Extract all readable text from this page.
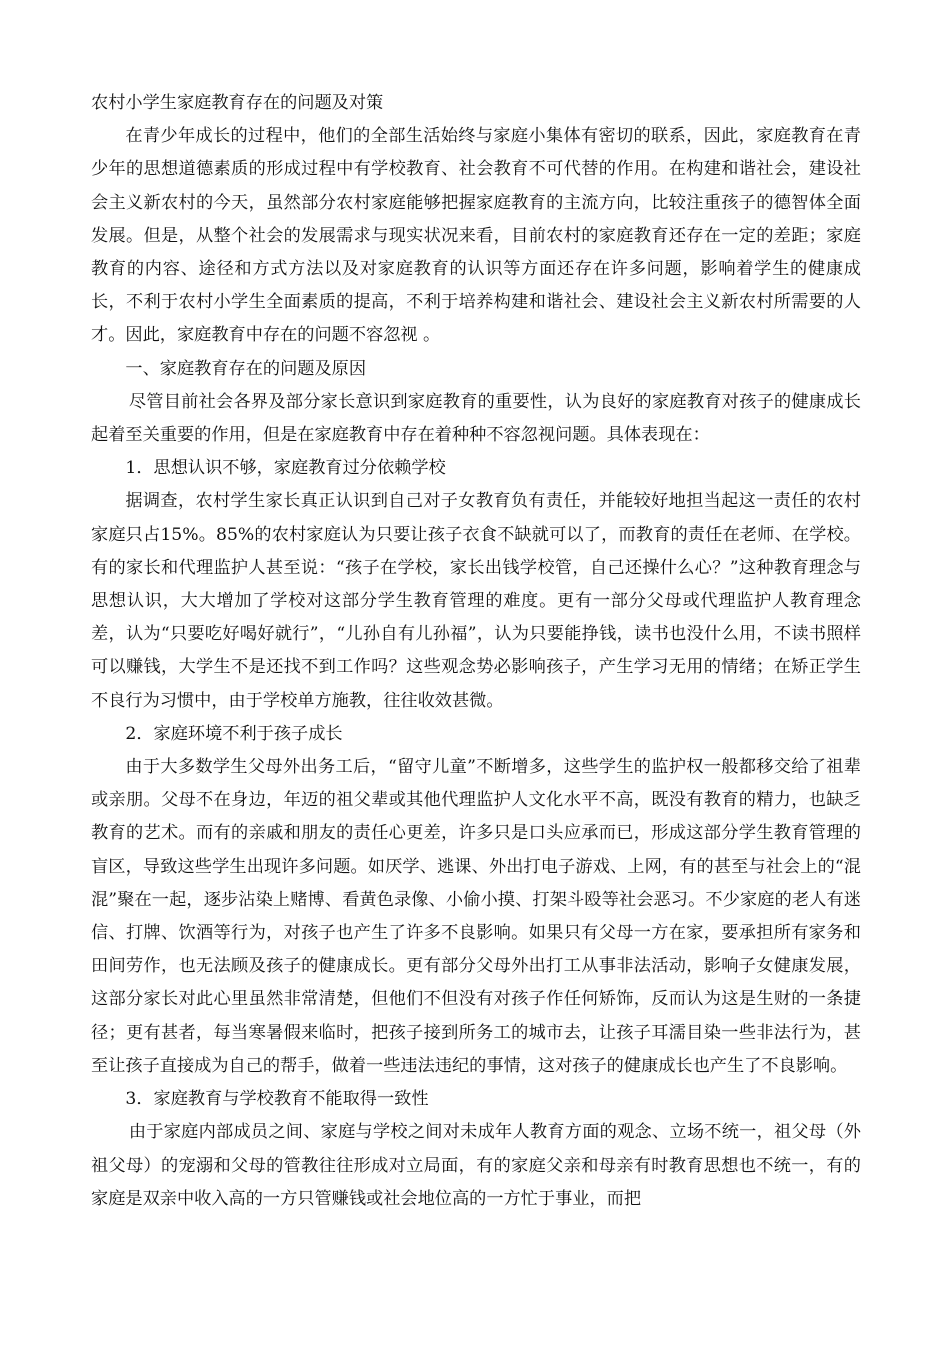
农村小学生家庭教育存在的问题及对策

在青少年成长的过程中，他们的全部生活始终与家庭小集体有密切的联系，因此，家庭教育在青少年的思想道德素质的形成过程中有学校教育、社会教育不可代替的作用。在构建和谐社会，建设社会主义新农村的今天，虽然部分农村家庭能够把握家庭教育的主流方向，比较注重孩子的德智体全面发展。但是，从整个社会的发展需求与现实状况来看，目前农村的家庭教育还存在一定的差距；家庭教育的内容、途径和方式方法以及对家庭教育的认识等方面还存在许多问题，影响着学生的健康成长，不利于农村小学生全面素质的提高，不利于培养构建和谐社会、建设社会主义新农村所需要的人才。因此，家庭教育中存在的问题不容忽视 。

一、家庭教育存在的问题及原因

尽管目前社会各界及部分家长意识到家庭教育的重要性，认为良好的家庭教育对孩子的健康成长起着至关重要的作用，但是在家庭教育中存在着种种不容忽视问题。具体表现在：

1．思想认识不够，家庭教育过分依赖学校

据调查，农村学生家长真正认识到自己对子女教育负有责任，并能较好地担当起这一责任的农村家庭只占15%。85%的农村家庭认为只要让孩子衣食不缺就可以了，而教育的责任在老师、在学校。有的家长和代理监护人甚至说：“孩子在学校，家长出钱学校管，自己还操什么心？”这种教育理念与思想认识，大大增加了学校对这部分学生教育管理的难度。更有一部分父母或代理监护人教育理念差，认为“只要吃好喝好就行”，“儿孙自有儿孙福”，认为只要能挣钱，读书也没什么用，不读书照样可以赚钱，大学生不是还找不到工作吗？这些观念势必影响孩子，产生学习无用的情绪；在矫正学生不良行为习惯中，由于学校单方施教，往往收效甚微。

2．家庭环境不利于孩子成长

由于大多数学生父母外出务工后，“留守儿童”不断增多，这些学生的监护权一般都移交给了祖辈或亲朋。父母不在身边，年迈的祖父辈或其他代理监护人文化水平不高，既没有教育的精力，也缺乏教育的艺术。而有的亲戚和朋友的责任心更差，许多只是口头应承而已，形成这部分学生教育管理的盲区，导致这些学生出现许多问题。如厌学、逃课、外出打电子游戏、上网，有的甚至与社会上的“混混”聚在一起，逐步沾染上赌博、看黄色录像、小偷小摸、打架斗殴等社会恶习。不少家庭的老人有迷信、打牌、饮酒等行为，对孩子也产生了许多不良影响。如果只有父母一方在家，要承担所有家务和田间劳作，也无法顾及孩子的健康成长。更有部分父母外出打工从事非法活动，影响子女健康发展，这部分家长对此心里虽然非常清楚，但他们不但没有对孩子作任何矫饰，反而认为这是生财的一条捷径；更有甚者，每当寒暑假来临时，把孩子接到所务工的城市去，让孩子耳濡目染一些非法行为，甚至让孩子直接成为自己的帮手，做着一些违法违纪的事情，这对孩子的健康成长也产生了不良影响。

3．家庭教育与学校教育不能取得一致性

由于家庭内部成员之间、家庭与学校之间对未成年人教育方面的观念、立场不统一，祖父母（外祖父母）的宠溺和父母的管教往往形成对立局面，有的家庭父亲和母亲有时教育思想也不统一，有的家庭是双亲中收入高的一方只管赚钱或社会地位高的一方忙于事业，而把
